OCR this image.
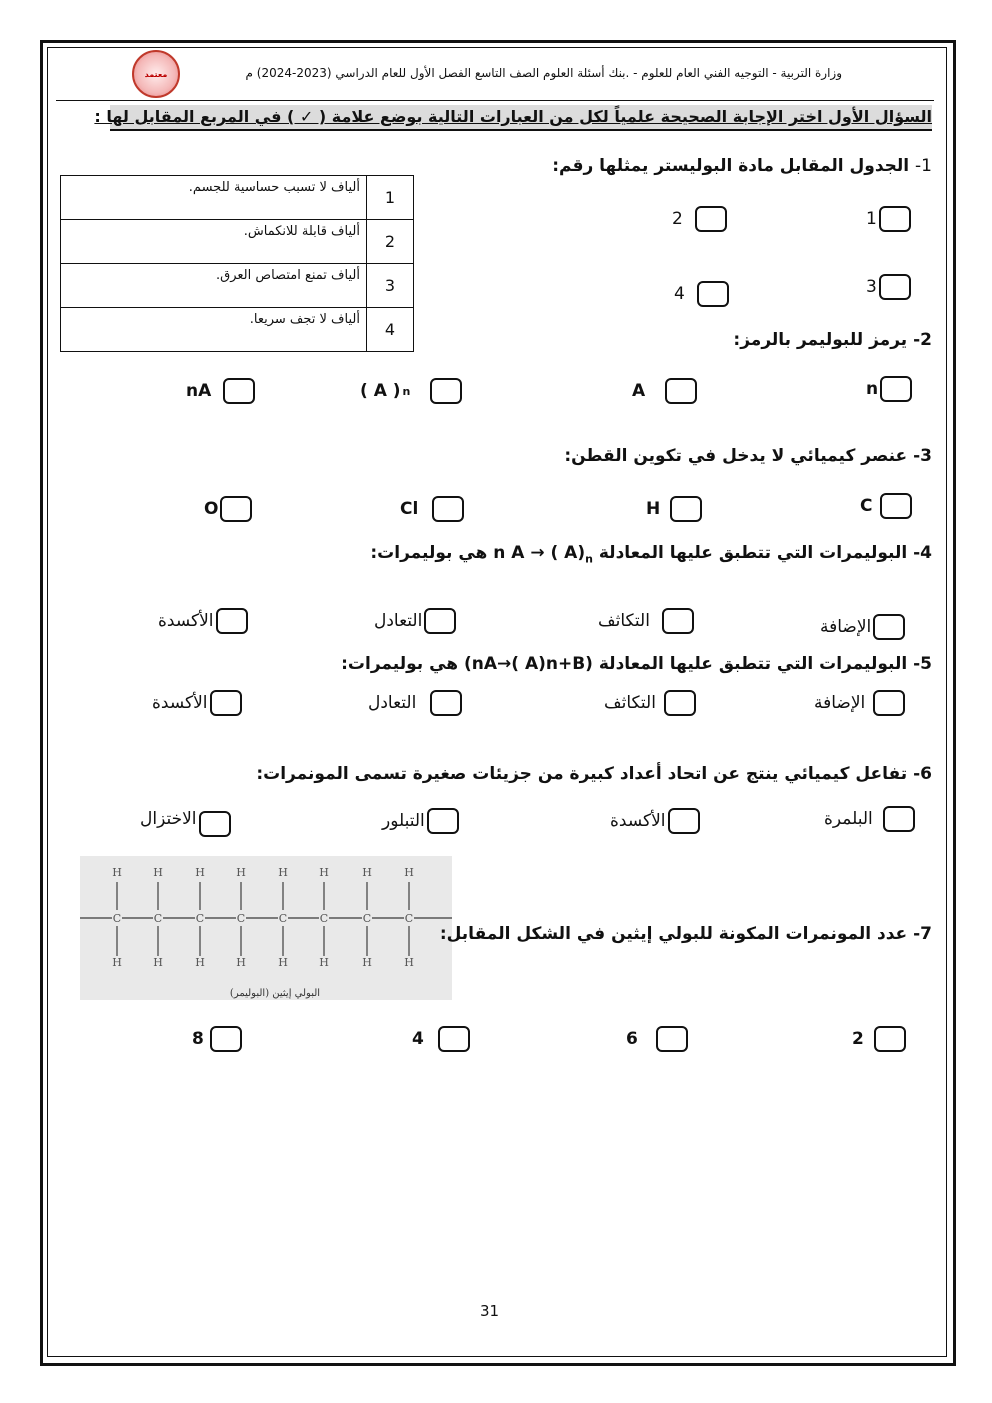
معتمد	وزارة التربية - التوجيه الفني العام للعلوم - .بنك أسئلة العلوم الصف التاسع الفصل الأول للعام الدراسي (2023-2024) م
السؤال الأول اختر الإجابة الصحيحة علمياً لكل من العبارات التالية بوضع علامة ( ✓ ) في المربع المقابل لها :
1- الجدول المقابل مادة البوليستر يمثلها رقم:
ألياف لا تسبب حساسية للجسم.	1
ألياف قابلة للانكماش.	2
ألياف تمنع امتصاص العرق.	3
ألياف لا تجف سريعا.	4
1
2
3
4
2- يرمز للبوليمر بالرمز:
n
A
( A ) n
nA
3- عنصر كيميائي لا يدخل في تكوين القطن:
C
H
Cl
O
4- البوليمرات التي تتطبق عليها المعادلة n A → ( $A)_n$ هي بوليمرات:
الإضافة
التكاثف
التعادل
الأكسدة
5- البوليمرات التي تتطبق عليها المعادلة (nA→( A)n+B) هي بوليمرات:
الإضافة
التكاثف
التعادل
الأكسدة
6- تفاعل كيميائي ينتج عن اتحاد أعداد كبيرة من جزيئات صغيرة تسمى المونمرات:
البلمرة
الأكسدة
التبلور
الاختزال
C
H
H
C
H
H
C
H
H
C
H
H
C
H
H
C
H
H
C
H
H
C
H
H
البولي إيثين (البوليمر)
7- عدد المونمرات المكونة للبولي إيثين في الشكل المقابل:
2
6
4
8
31
